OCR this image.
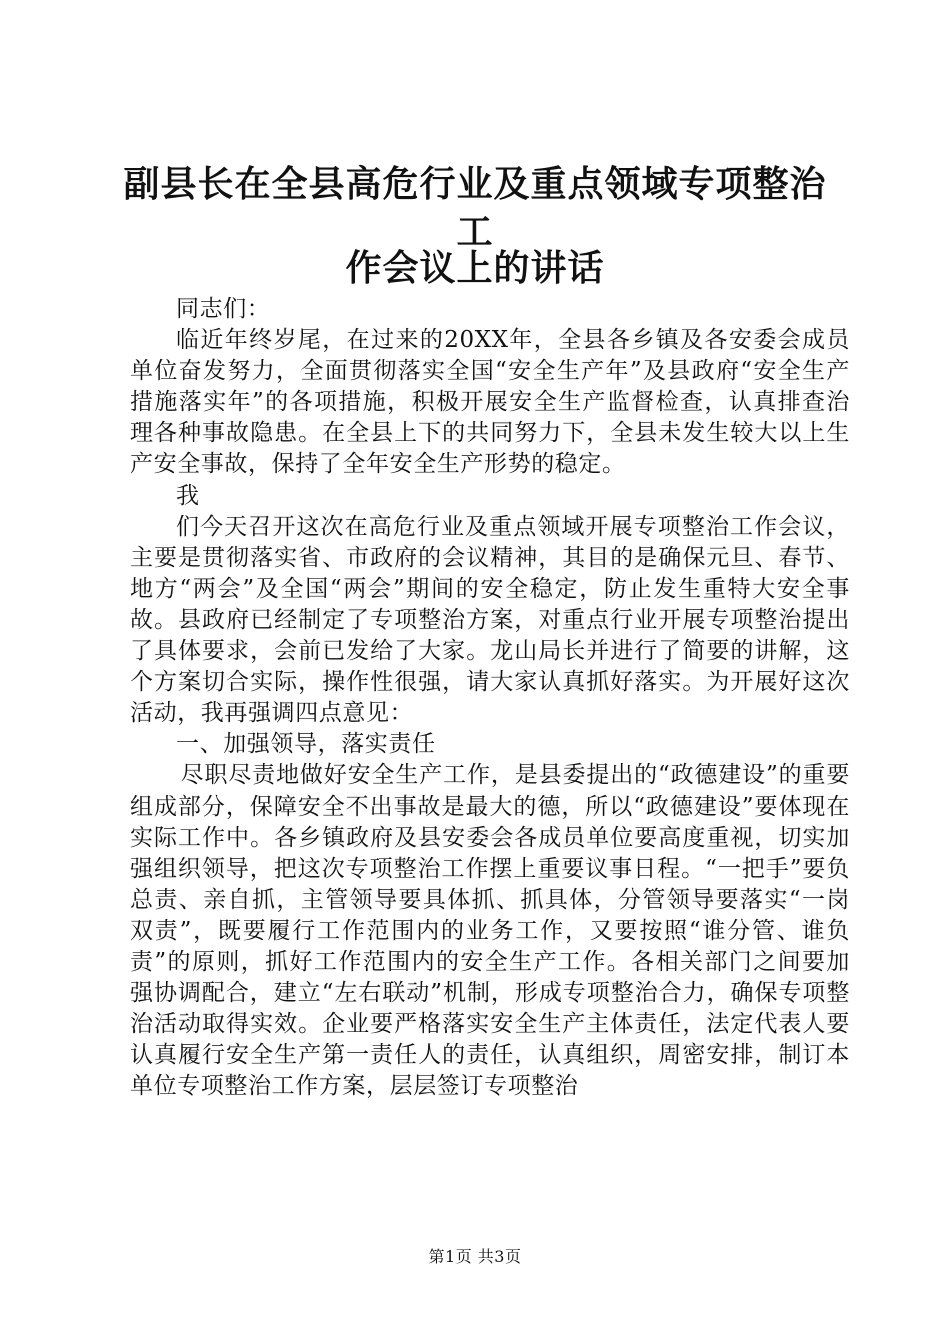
副县长在全县高危行业及重点领域专项整治工
作会议上的讲话

同志们：

临近年终岁尾，在过来的20XX年，全县各乡镇及各安委会成员单位奋发努力，全面贯彻落实全国“安全生产年”及县政府“安全生产措施落实年”的各项措施，积极开展安全生产监督检查，认真排查治理各种事故隐患。在全县上下的共同努力下，全县未发生较大以上生产安全事故，保持了全年安全生产形势的稳定。

我

们今天召开这次在高危行业及重点领域开展专项整治工作会议，主要是贯彻落实省、市政府的会议精神，其目的是确保元旦、春节、地方“两会”及全国“两会”期间的安全稳定，防止发生重特大安全事故。县政府已经制定了专项整治方案，对重点行业开展专项整治提出了具体要求，会前已发给了大家。龙山局长并进行了简要的讲解，这个方案切合实际，操作性很强，请大家认真抓好落实。为开展好这次活动，我再强调四点意见：

一、加强领导，落实责任

尽职尽责地做好安全生产工作，是县委提出的“政德建设”的重要组成部分，保障安全不出事故是最大的德，所以“政德建设”要体现在实际工作中。各乡镇政府及县安委会各成员单位要高度重视，切实加强组织领导，把这次专项整治工作摆上重要议事日程。“一把手”要负总责、亲自抓，主管领导要具体抓、抓具体，分管领导要落实“一岗双责”，既要履行工作范围内的业务工作，又要按照“谁分管、谁负责”的原则，抓好工作范围内的安全生产工作。各相关部门之间要加强协调配合，建立“左右联动”机制，形成专项整治合力，确保专项整治活动取得实效。企业要严格落实安全生产主体责任，法定代表人要认真履行安全生产第一责任人的责任，认真组织，周密安排，制订本单位专项整治工作方案，层层签订专项整治

第1页 共3页
